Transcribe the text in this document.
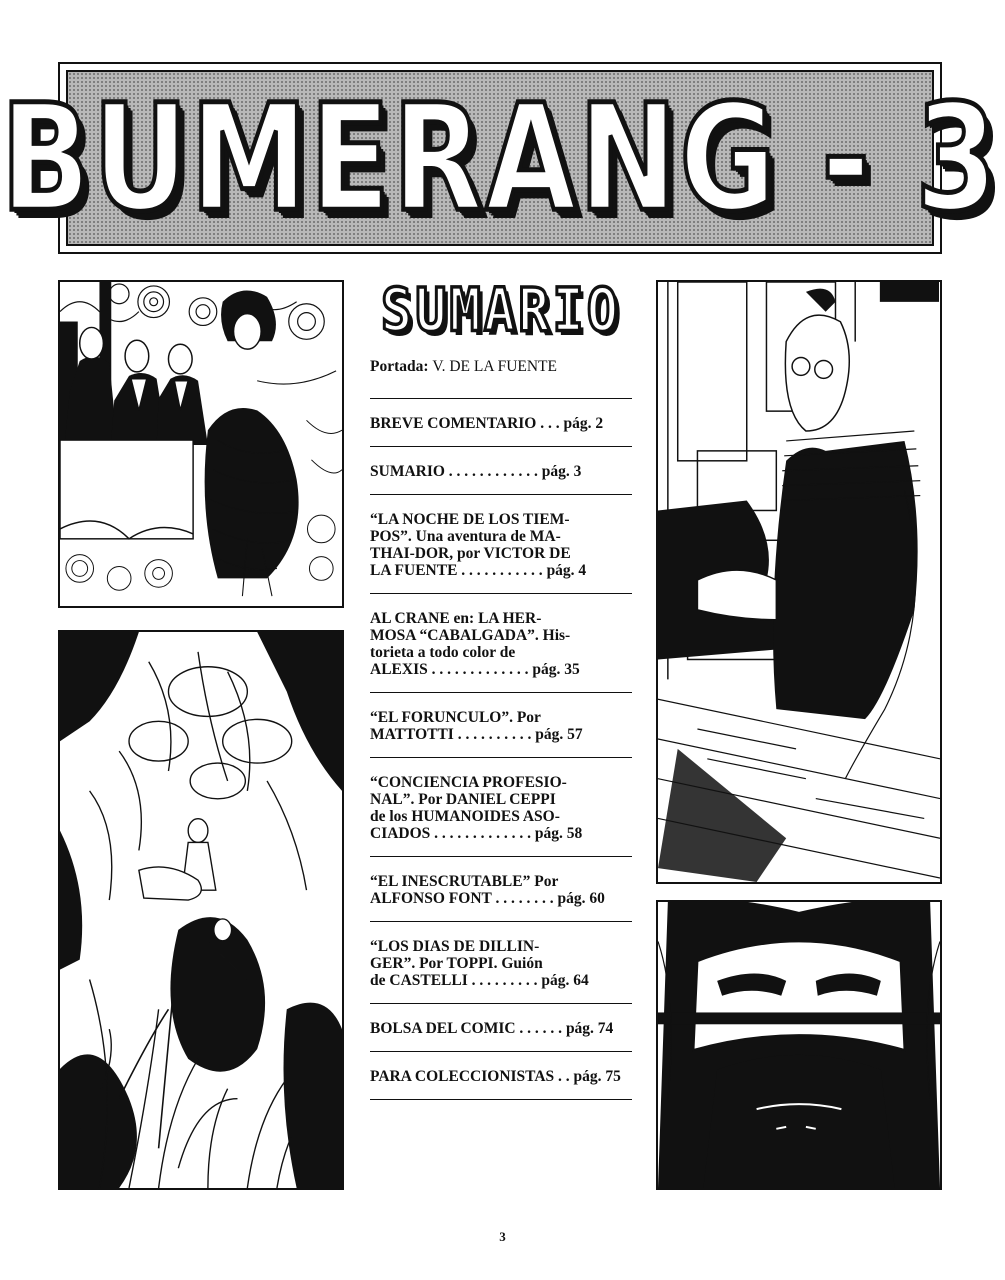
BUMERANG - 3
SUMARIO
Portada: V. DE LA FUENTE
BREVE COMENTARIO . . . pág. 2
SUMARIO . . . . . . . . . . . . pág. 3
“LA NOCHE DE LOS TIEM-
POS”. Una aventura de MA-
THAI-DOR, por VICTOR DE
LA FUENTE . . . . . . . . . . . pág. 4
AL CRANE en: LA HER-
MOSA “CABALGADA”. His-
torieta a todo color de
ALEXIS . . . . . . . . . . . . . pág. 35
“EL FORUNCULO”. Por
MATTOTTI . . . . . . . . . . pág. 57
“CONCIENCIA PROFESIO-
NAL”. Por DANIEL CEPPI
de los HUMANOIDES ASO-
CIADOS . . . . . . . . . . . . . pág. 58
“EL INESCRUTABLE” Por
ALFONSO FONT . . . . . . . . pág. 60
“LOS DIAS DE DILLIN-
GER”. Por TOPPI. Guión
de CASTELLI . . . . . . . . . pág. 64
BOLSA DEL COMIC . . . . . . pág. 74
PARA COLECCIONISTAS . . pág. 75
3
